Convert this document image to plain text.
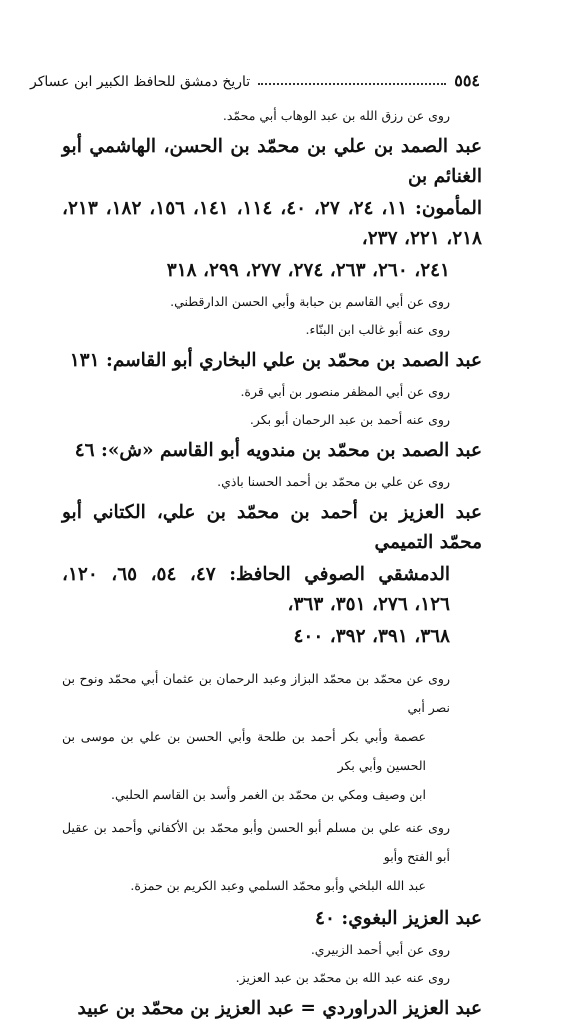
٥٥٤
تاريخ دمشق للحافظ الكبير ابن عساكر
روى عن رزق الله بن عبد الوهاب أبي محمّد.
عبد الصمد بن علي بن محمّد بن الحسن، الهاشمي أبو الغنائم بن
المأمون: ١١، ٢٤، ٢٧، ٤٠، ١١٤، ١٤١، ١٥٦، ١٨٢، ٢١٣، ٢١٨، ٢٢١، ٢٣٧،
٢٤١، ٢٦٠، ٢٦٣، ٢٧٤، ٢٧٧، ٢٩٩، ٣١٨
روى عن أبي القاسم بن حبابة وأبي الحسن الدارقطني.
روى عنه أبو غالب ابن البنّاء.
عبد الصمد بن محمّد بن علي البخاري أبو القاسم: ١٣١
روى عن أبي المظفر منصور بن أبي قرة.
روى عنه أحمد بن عبد الرحمان أبو بكر.
عبد الصمد بن محمّد بن مندويه أبو القاسم «ش»: ٤٦
روى عن علي بن محمّد بن أحمد الحسنا باذي.
عبد العزيز بن أحمد بن محمّد بن علي، الكتاني أبو محمّد التميمي
الدمشقي الصوفي الحافظ: ٤٧، ٥٤، ٦٥، ١٢٠، ١٢٦، ٢٧٦، ٣٥١، ٣٦٣،
٣٦٨، ٣٩١، ٣٩٢، ٤٠٠
روى عن محمّد بن محمّد البزاز وعبد الرحمان بن عثمان أبي محمّد ونوح بن نصر أبي
عصمة وأبي بكر أحمد بن طلحة وأبي الحسن بن علي بن موسى بن الحسين وأبي بكر
ابن وصيف ومكي بن محمّد بن الغمر وأسد بن القاسم الحلبي.
روى عنه علي بن مسلم أبو الحسن وأبو محمّد بن الأكفاني وأحمد بن عقيل أبو الفتح وأبو
عبد الله البلخي وأبو محمّد السلمي وعبد الكريم بن حمزة.
عبد العزيز البغوي: ٤٠
روى عن أبي أحمد الزبيري.
روى عنه عبد الله بن محمّد بن عبد العزيز.
عبد العزيز الدراوردي = عبد العزيز بن محمّد بن عبيد
